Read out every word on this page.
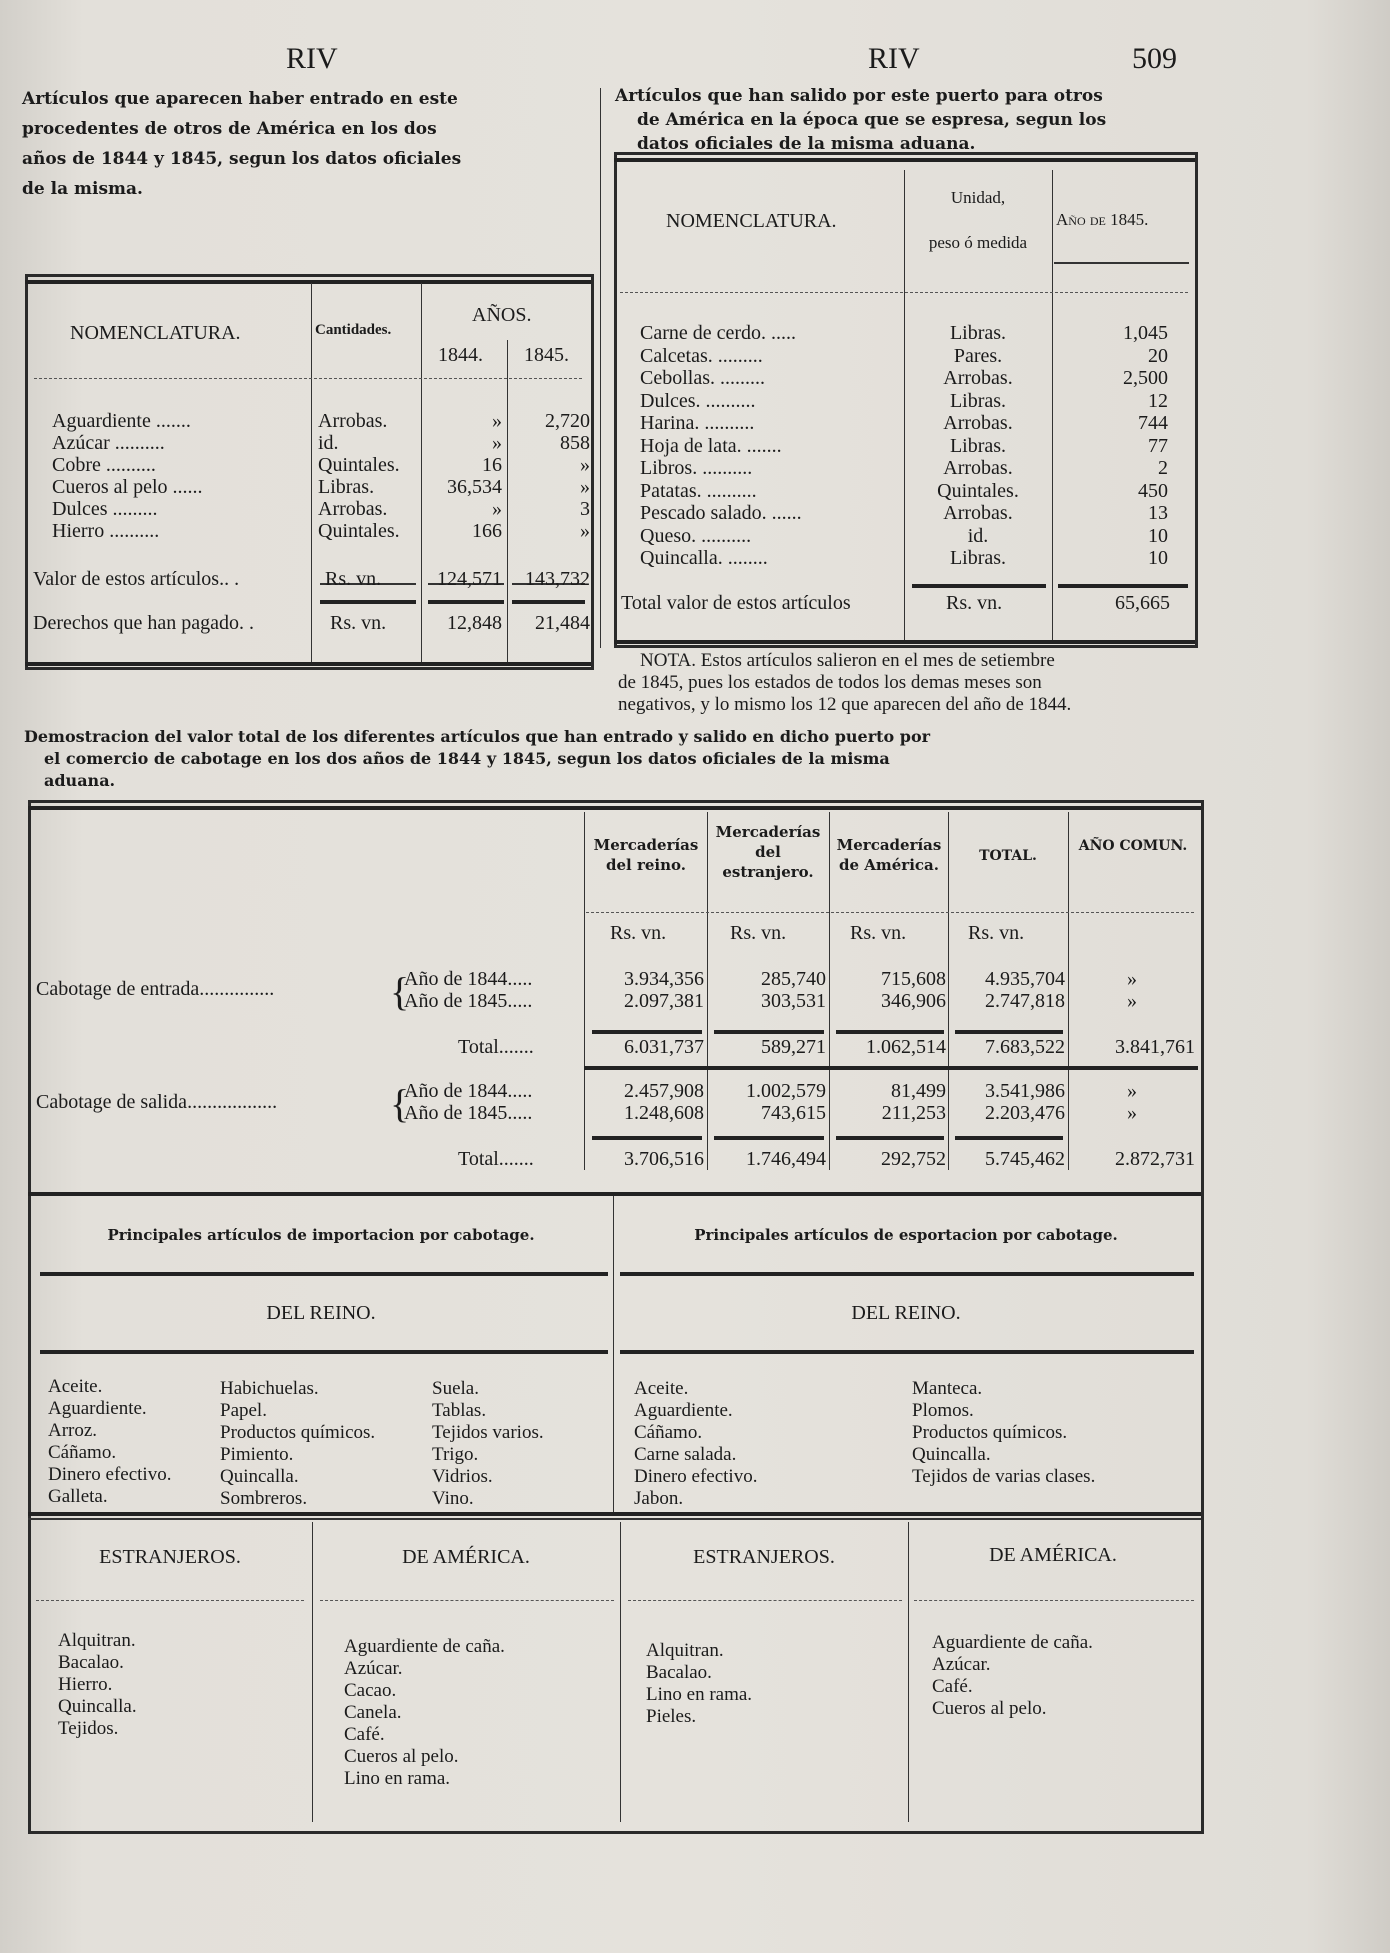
RIV	RIV	509
Artículos que aparecen haber entrado en este
procedentes de otros de América en los dos
años de 1844 y 1845, segun los datos oficiales
de la misma.
NOMENCLATURA.	Cantidades.
AÑOS.
1844. 1845.
Aguardiente .......	Arrobas.	»	2,720
Azúcar ..........	id.	»	858
Cobre ..........	Quintales.	16	»
Cueros al pelo ......	Libras.	36,534	»
Dulces .........	Arrobas.	»	3
Hierro ..........	Quintales.	166	»
Valor de estos artículos.. .	Rs. vn.	124,571	143,732
Derechos que han pagado. .	Rs. vn.	12,848	21,484
Artículos que han salido por este puerto para otros
de América en la época que se espresa, segun los
datos oficiales de la misma aduana.
NOMENCLATURA.
Unidad,
peso ó medida
Año de 1845.
Carne de cerdo. .....	Libras.	1,045
Calcetas. .........	Pares.	20
Cebollas. .........	Arrobas.	2,500
Dulces. ..........	Libras.	12
Harina. ..........	Arrobas.	744
Hoja de lata. .......	Libras.	77
Libros. ..........	Arrobas.	2
Patatas. ..........	Quintales.	450
Pescado salado. ......	Arrobas.	13
Queso. ..........	id.	10
Quincalla. ........	Libras.	10
Total valor de estos artículos	Rs. vn.	65,665
NOTA. Estos artículos salieron en el mes de setiembre
de 1845, pues los estados de todos los demas meses son
negativos, y lo mismo los 12 que aparecen del año de 1844.
Demostracion del valor total de los diferentes artículos que han entrado y salido en dicho puerto por
el comercio de cabotage en los dos años de 1844 y 1845, segun los datos oficiales de la misma
aduana.
Mercaderías del reino.
Mercaderías del estranjero.
Mercaderías de América.	TOTAL.
AÑO COMUN.
Rs. vn.	Rs. vn.	Rs. vn.	Rs. vn.
Cabotage de entrada...............	{
Año de 1844.....	3.934,356	285,740	715,608	4.935,704	»
Año de 1845.....	2.097,381	303,531	346,906	2.747,818	»
Total.......	6.031,737	589,271	1.062,514	7.683,522	3.841,761
Cabotage de salida..................	{
Año de 1844.....	2.457,908	1.002,579	81,499	3.541,986	»
Año de 1845.....	1.248,608	743,615	211,253	2.203,476	»
Total.......	3.706,516	1.746,494	292,752	5.745,462	2.872,731
Principales artículos de importacion por cabotage.	Principales artículos de esportacion por cabotage.
DEL REINO.	DEL REINO.
Aceite.
Aguardiente.
Arroz.
Cáñamo.
Dinero efectivo.
Galleta.
Habichuelas.
Papel.
Productos químicos.
Pimiento.
Quincalla.
Sombreros.
Suela.
Tablas.
Tejidos varios.
Trigo.
Vidrios.
Vino.
Aceite.
Aguardiente.
Cáñamo.
Carne salada.
Dinero efectivo.
Jabon.
Manteca.
Plomos.
Productos químicos.
Quincalla.
Tejidos de varias clases.
ESTRANJEROS.	DE AMÉRICA.	ESTRANJEROS.	DE AMÉRICA.
Alquitran.
Bacalao.
Hierro.
Quincalla.
Tejidos.
Aguardiente de caña.
Azúcar.
Cacao.
Canela.
Café.
Cueros al pelo.
Lino en rama.
Alquitran.
Bacalao.
Lino en rama.
Pieles.
Aguardiente de caña.
Azúcar.
Café.
Cueros al pelo.
